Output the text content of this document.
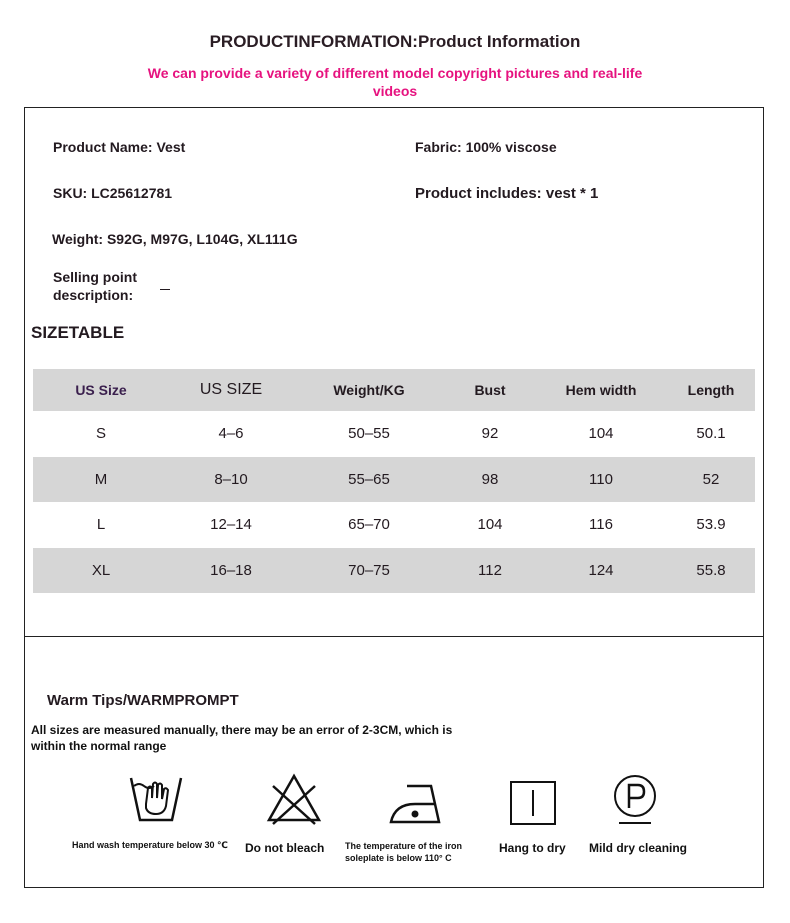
PRODUCTINFORMATION:Product Information
We can provide a variety of different model copyright pictures and real-life videos
Product Name: Vest	Fabric: 100% viscose
SKU: LC25612781	Product includes: vest * 1
Weight: S92G, M97G, L104G, XL111G
Selling point description:
SIZETABLE
US Size	US SIZE	Weight/KG	Bust	Hem width	Length
S	4–6	50–55	92	104	50.1
M	8–10	55–65	98	110	52
L	12–14	65–70	104	116	53.9
XL	16–18	70–75	112	124	55.8
Warm Tips/WARMPROMPT
All sizes are measured manually, there may be an error of 2-3CM, which is within the normal range
Hand wash temperature below 30 ℃	Do not bleach The temperature of the iron soleplate is below 110° C
Hang to dry Mild dry cleaning
